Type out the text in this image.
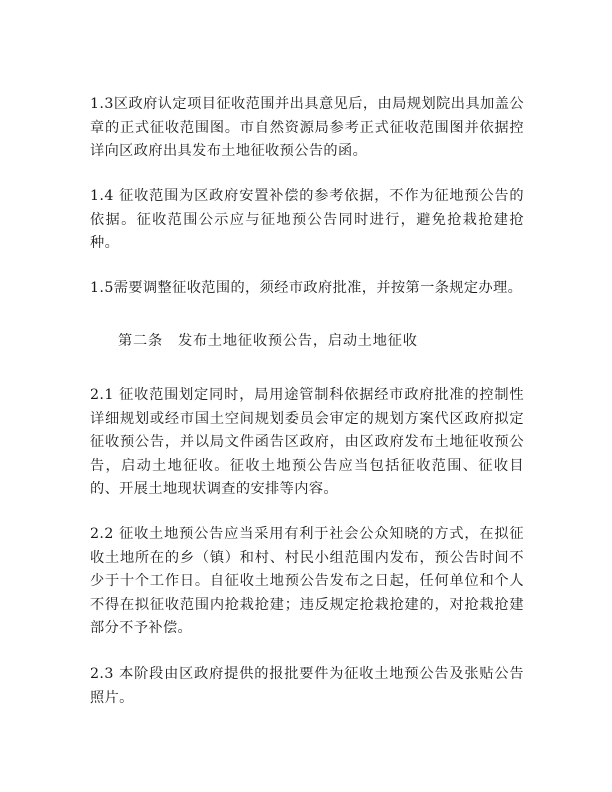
1.3区政府认定项目征收范围并出具意见后，由局规划院出具加盖公章的正式征收范围图。市自然资源局参考正式征收范围图并依据控详向区政府出具发布土地征收预公告的函。

1.4 征收范围为区政府安置补偿的参考依据，不作为征地预公告的依据。征收范围公示应与征地预公告同时进行，避免抢栽抢建抢种。

1.5需要调整征收范围的，须经市政府批准，并按第一条规定办理。

第二条　发布土地征收预公告，启动土地征收

2.1 征收范围划定同时，局用途管制科依据经市政府批准的控制性详细规划或经市国土空间规划委员会审定的规划方案代区政府拟定征收预公告，并以局文件函告区政府，由区政府发布土地征收预公告，启动土地征收。征收土地预公告应当包括征收范围、征收目的、开展土地现状调查的安排等内容。

2.2 征收土地预公告应当采用有利于社会公众知晓的方式，在拟征收土地所在的乡（镇）和村、村民小组范围内发布，预公告时间不少于十个工作日。自征收土地预公告发布之日起，任何单位和个人不得在拟征收范围内抢栽抢建；违反规定抢栽抢建的，对抢栽抢建部分不予补偿。

2.3 本阶段由区政府提供的报批要件为征收土地预公告及张贴公告照片。
